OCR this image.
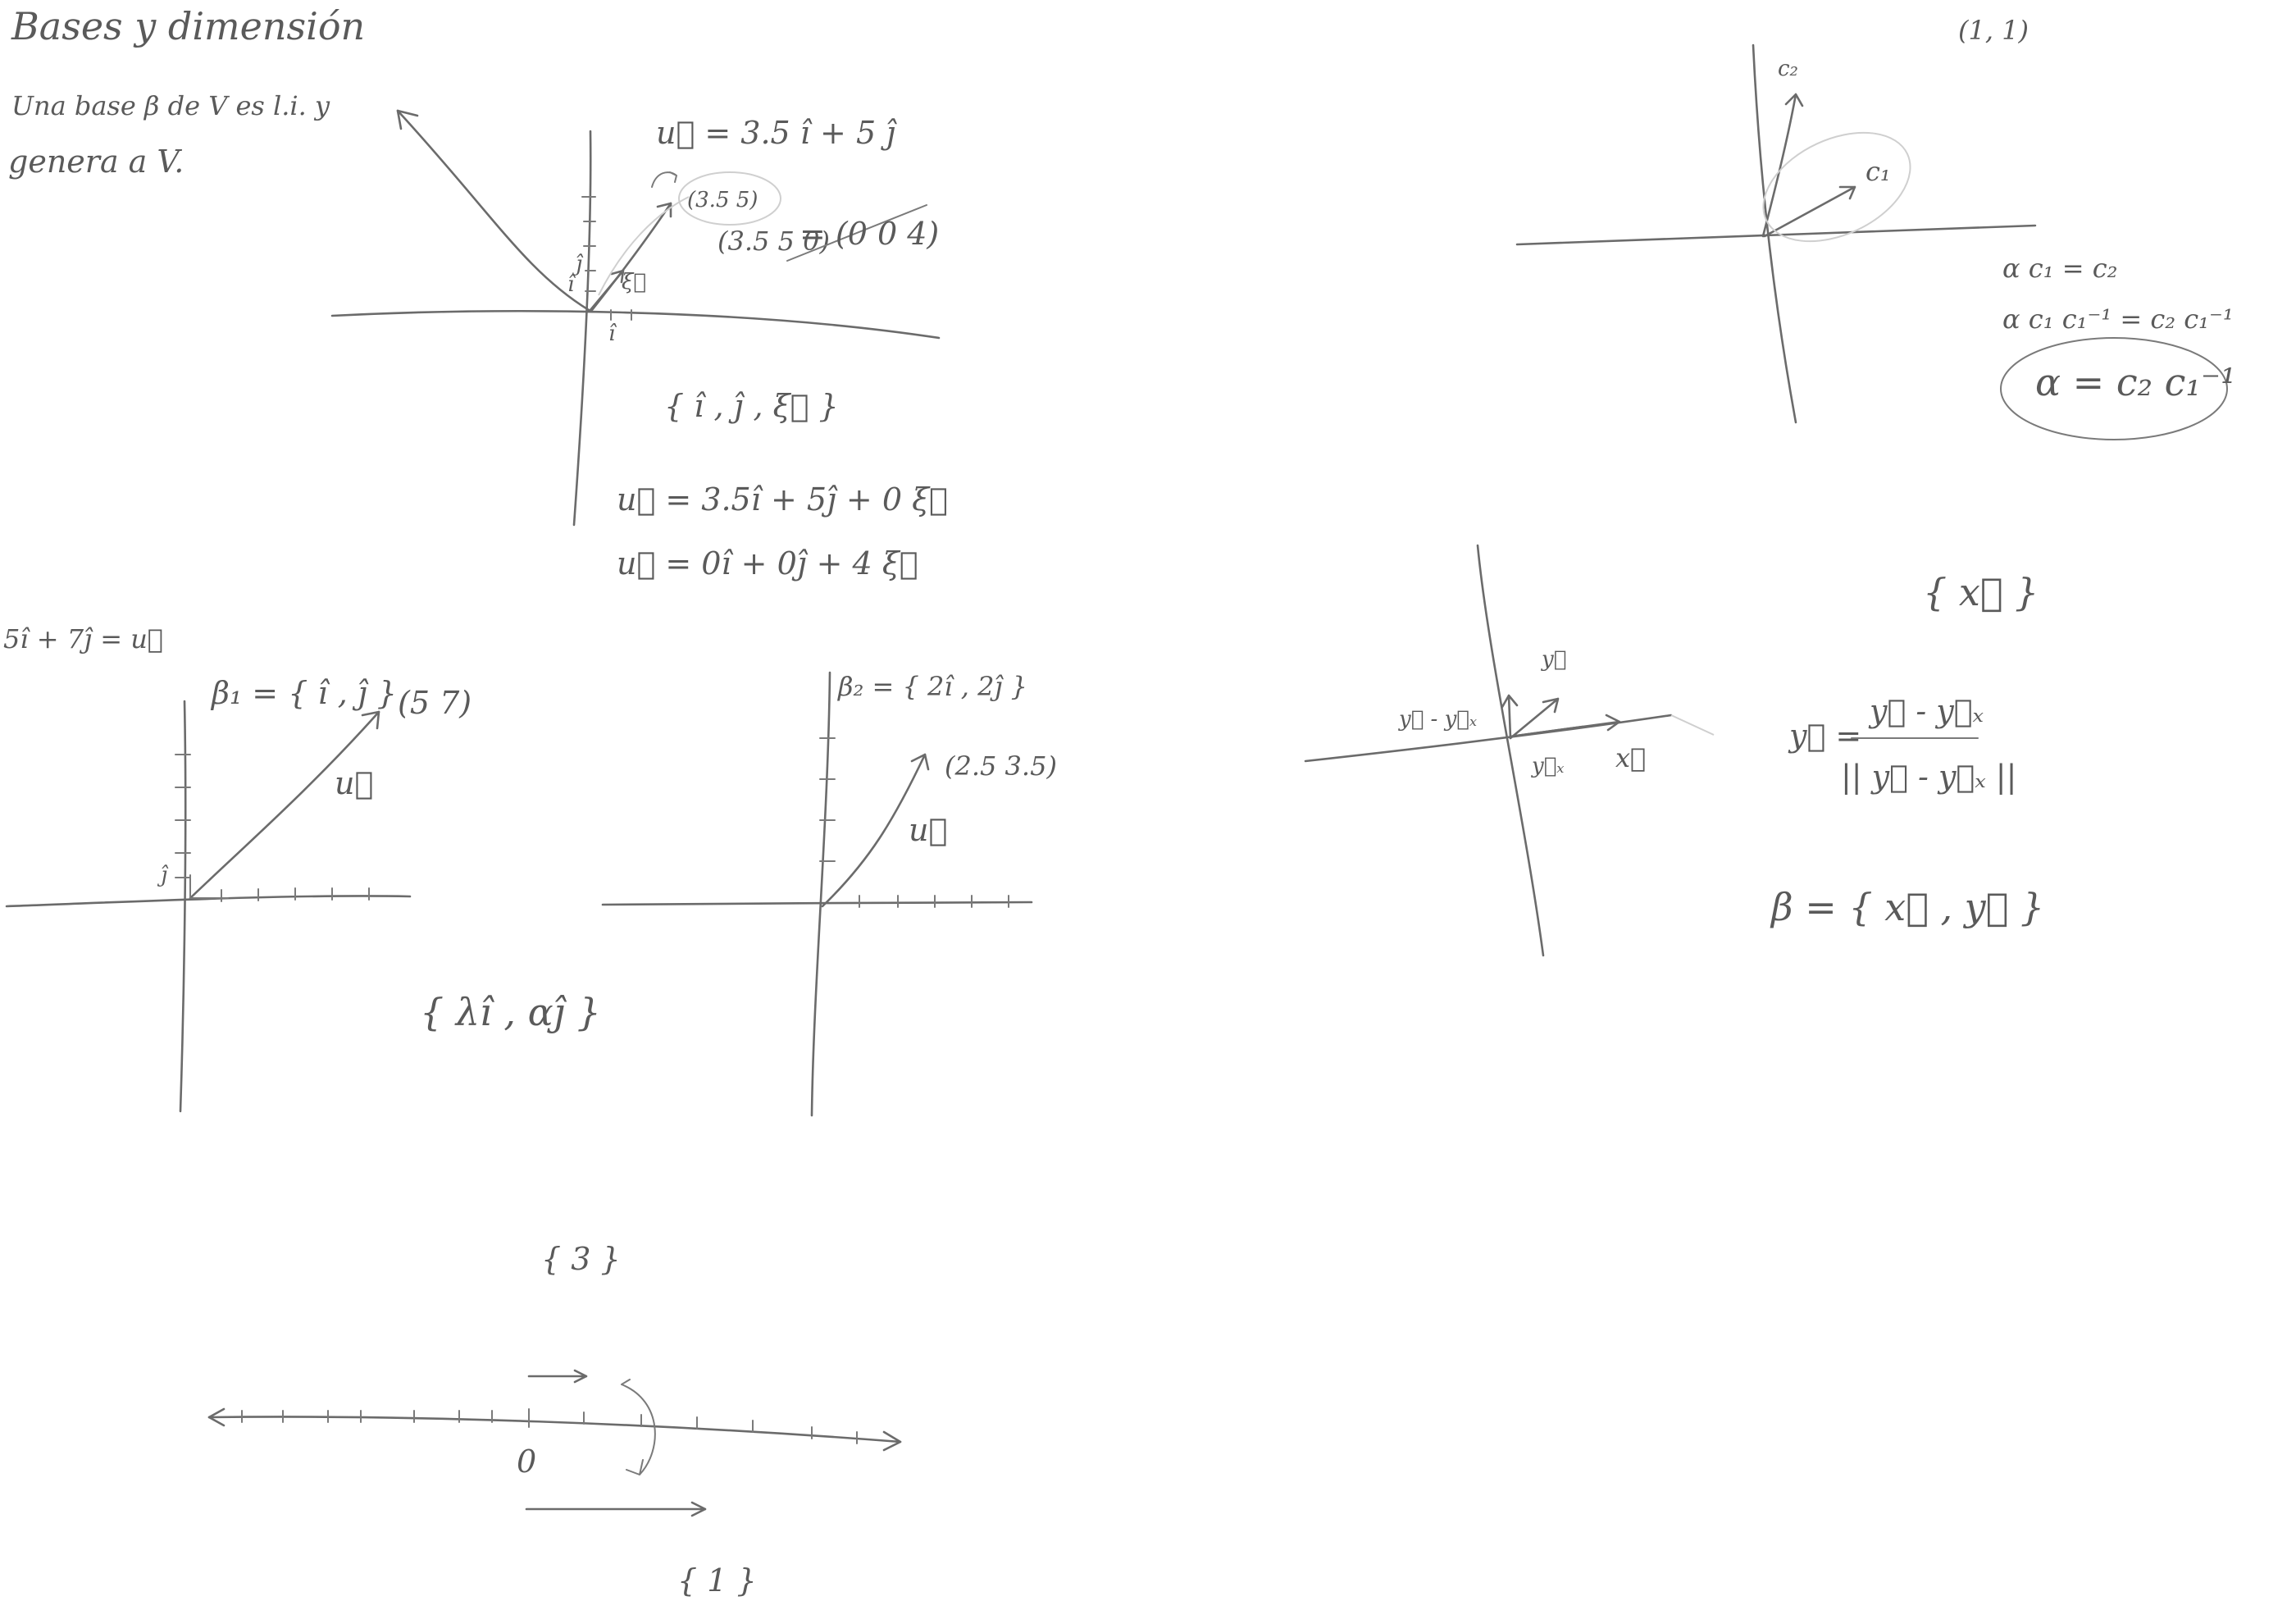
Bases y dimensión
Una base β de V es l.i. y
genera a V.
î
ĵ
ξ⃗
î
u⃗ = 3.5 î + 5 ĵ
(3.5 5)
(3.5 5 0)
= (0 0 4)
{ î , ĵ , ξ⃗ }
u⃗ = 3.5î + 5ĵ + 0 ξ⃗
u⃗ = 0î + 0ĵ + 4 ξ⃗
5î + 7ĵ = u⃗
β₁ = { î , ĵ } (5 7)
u⃗
ĵ
{ λî , αĵ }
β₂ = { 2î , 2ĵ }
(2.5 3.5)
u⃗
{ 3 }
0
{ 1 }
(1, 1)
c₂
c₁
α c₁ = c₂
α c₁ c₁⁻¹ = c₂ c₁⁻¹
α = c₂ c₁⁻¹
{ x⃗ }
y⃗
y⃗ - y⃗ₓ
y⃗ₓ x⃗
y⃗ =
y⃗ - y⃗ₓ
|| y⃗ - y⃗ₓ ||
β = { x⃗ , y⃗ }
